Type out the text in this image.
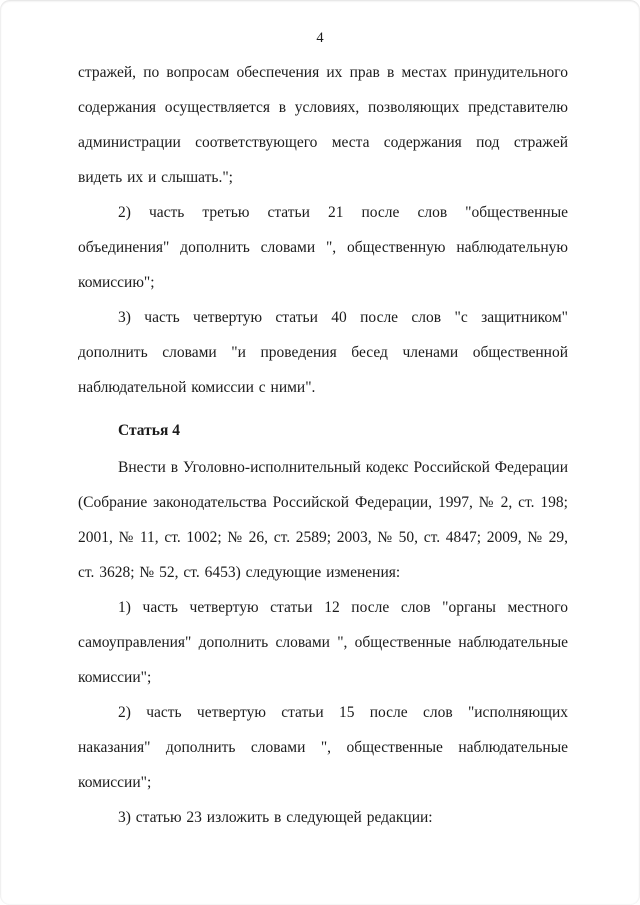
4

стражей, по вопросам обеспечения их прав в местах принудительного содержания осуществляется в условиях, позволяющих представителю администрации соответствующего места содержания под стражей видеть их и слышать.";

2) часть третью статьи 21 после слов "общественные объединения" дополнить словами ", общественную наблюдательную комиссию";

3) часть четвертую статьи 40 после слов "с защитником" дополнить словами "и проведения бесед членами общественной наблюдательной комиссии с ними".

Статья 4

Внести в Уголовно-исполнительный кодекс Российской Федерации (Собрание законодательства Российской Федерации, 1997, № 2, ст. 198; 2001, № 11, ст. 1002; № 26, ст. 2589; 2003, № 50, ст. 4847; 2009, № 29, ст. 3628; № 52, ст. 6453) следующие изменения:

1) часть четвертую статьи 12 после слов "органы местного самоуправления" дополнить словами ", общественные наблюдательные комиссии";

2) часть четвертую статьи 15 после слов "исполняющих наказания" дополнить словами ", общественные наблюдательные комиссии";

3) статью 23 изложить в следующей редакции:
